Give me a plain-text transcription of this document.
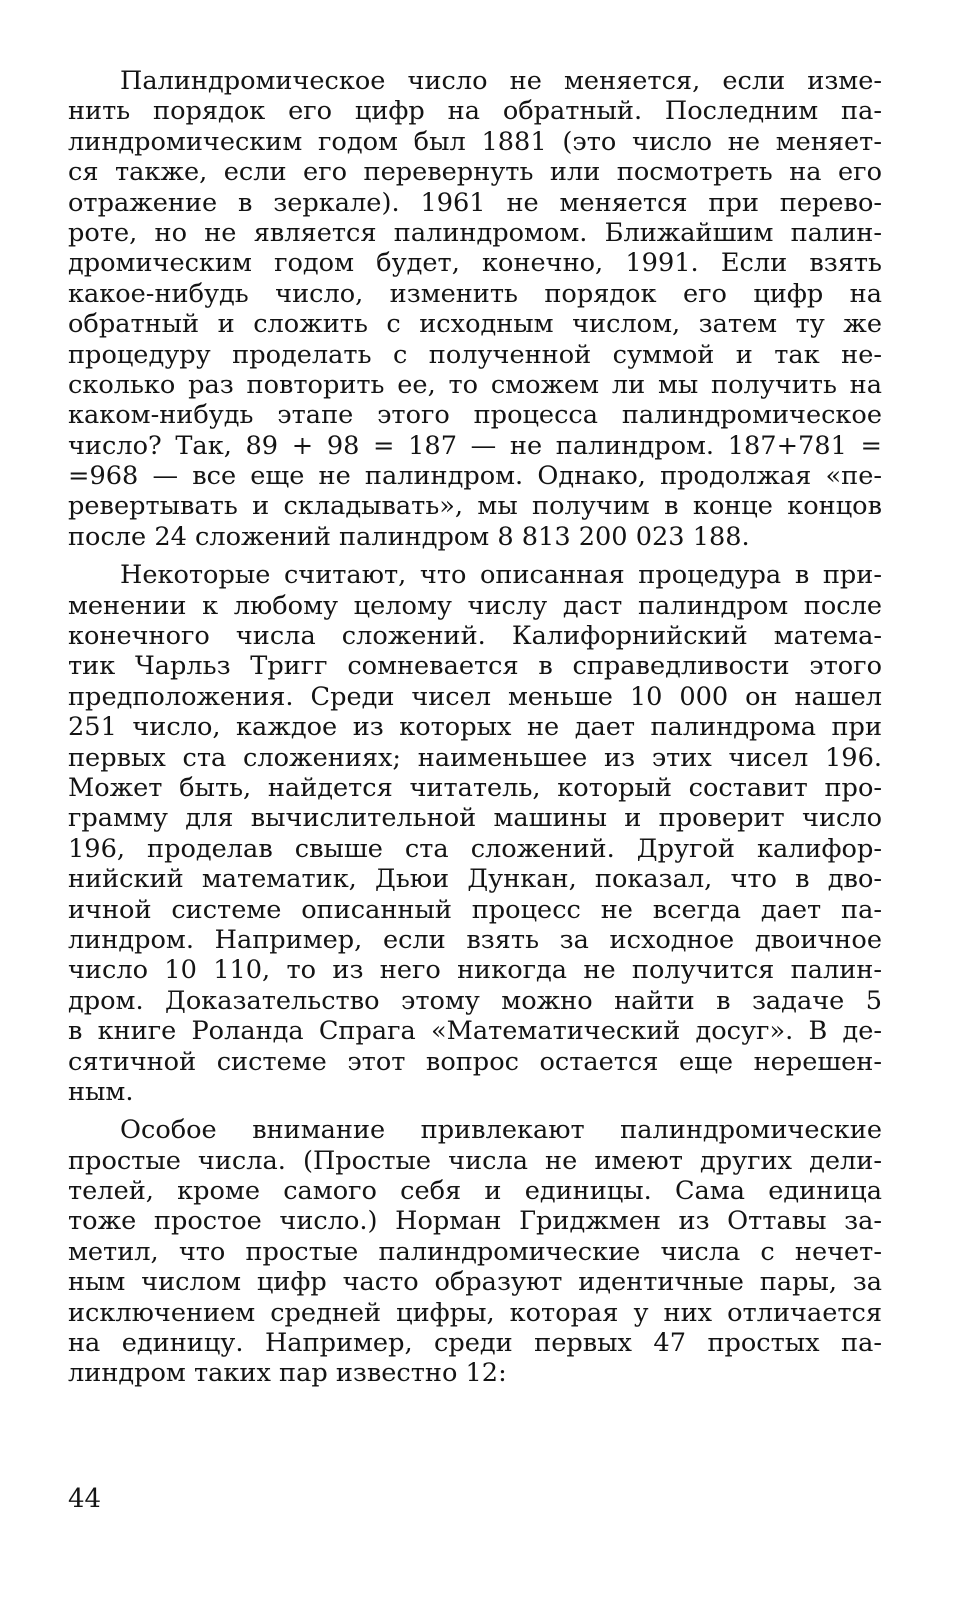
Палиндромическое число не меняется, если изме-
нить порядок его цифр на обратный. Последним па-
линдромическим годом был 1881 (это число не меняет-
ся также, если его перевернуть или посмотреть на его
отражение в зеркале). 1961 не меняется при перево-
роте, но не является палиндромом. Ближайшим палин-
дромическим годом будет, конечно, 1991. Если взять
какое-нибудь число, изменить порядок его цифр на
обратный и сложить с исходным числом, затем ту же
процедуру проделать с полученной суммой и так не-
сколько раз повторить ее, то сможем ли мы получить на
каком-нибудь этапе этого процесса палиндромическое
число? Так, 89 + 98 = 187 — не палиндром. 187+781 =
=968 — все еще не палиндром. Однако, продолжая «пе-
ревертывать и складывать», мы получим в конце концов
после 24 сложений палиндром 8 813 200 023 188.
Некоторые считают, что описанная процедура в при-
менении к любому целому числу даст палиндром после
конечного числа сложений. Калифорнийский матема-
тик Чарльз Тригг сомневается в справедливости этого
предположения. Среди чисел меньше 10 000 он нашел
251 число, каждое из которых не дает палиндрома при
первых ста сложениях; наименьшее из этих чисел 196.
Может быть, найдется читатель, который составит про-
грамму для вычислительной машины и проверит число
196, проделав свыше ста сложений. Другой калифор-
нийский математик, Дьюи Дункан, показал, что в дво-
ичной системе описанный процесс не всегда дает па-
линдром. Например, если взять за исходное двоичное
число 10 110, то из него никогда не получится палин-
дром. Доказательство этому можно найти в задаче 5
в книге Роланда Спрага «Математический досуг». В де-
сятичной системе этот вопрос остается еще нерешен-
ным.
Особое внимание привлекают палиндромические
простые числа. (Простые числа не имеют других дели-
телей, кроме самого себя и единицы. Сама единица
тоже простое число.) Норман Гриджмен из Оттавы за-
метил, что простые палиндромические числа с нечет-
ным числом цифр часто образуют идентичные пары, за
исключением средней цифры, которая у них отличается
на единицу. Например, среди первых 47 простых па-
линдром таких пар известно 12:
44
